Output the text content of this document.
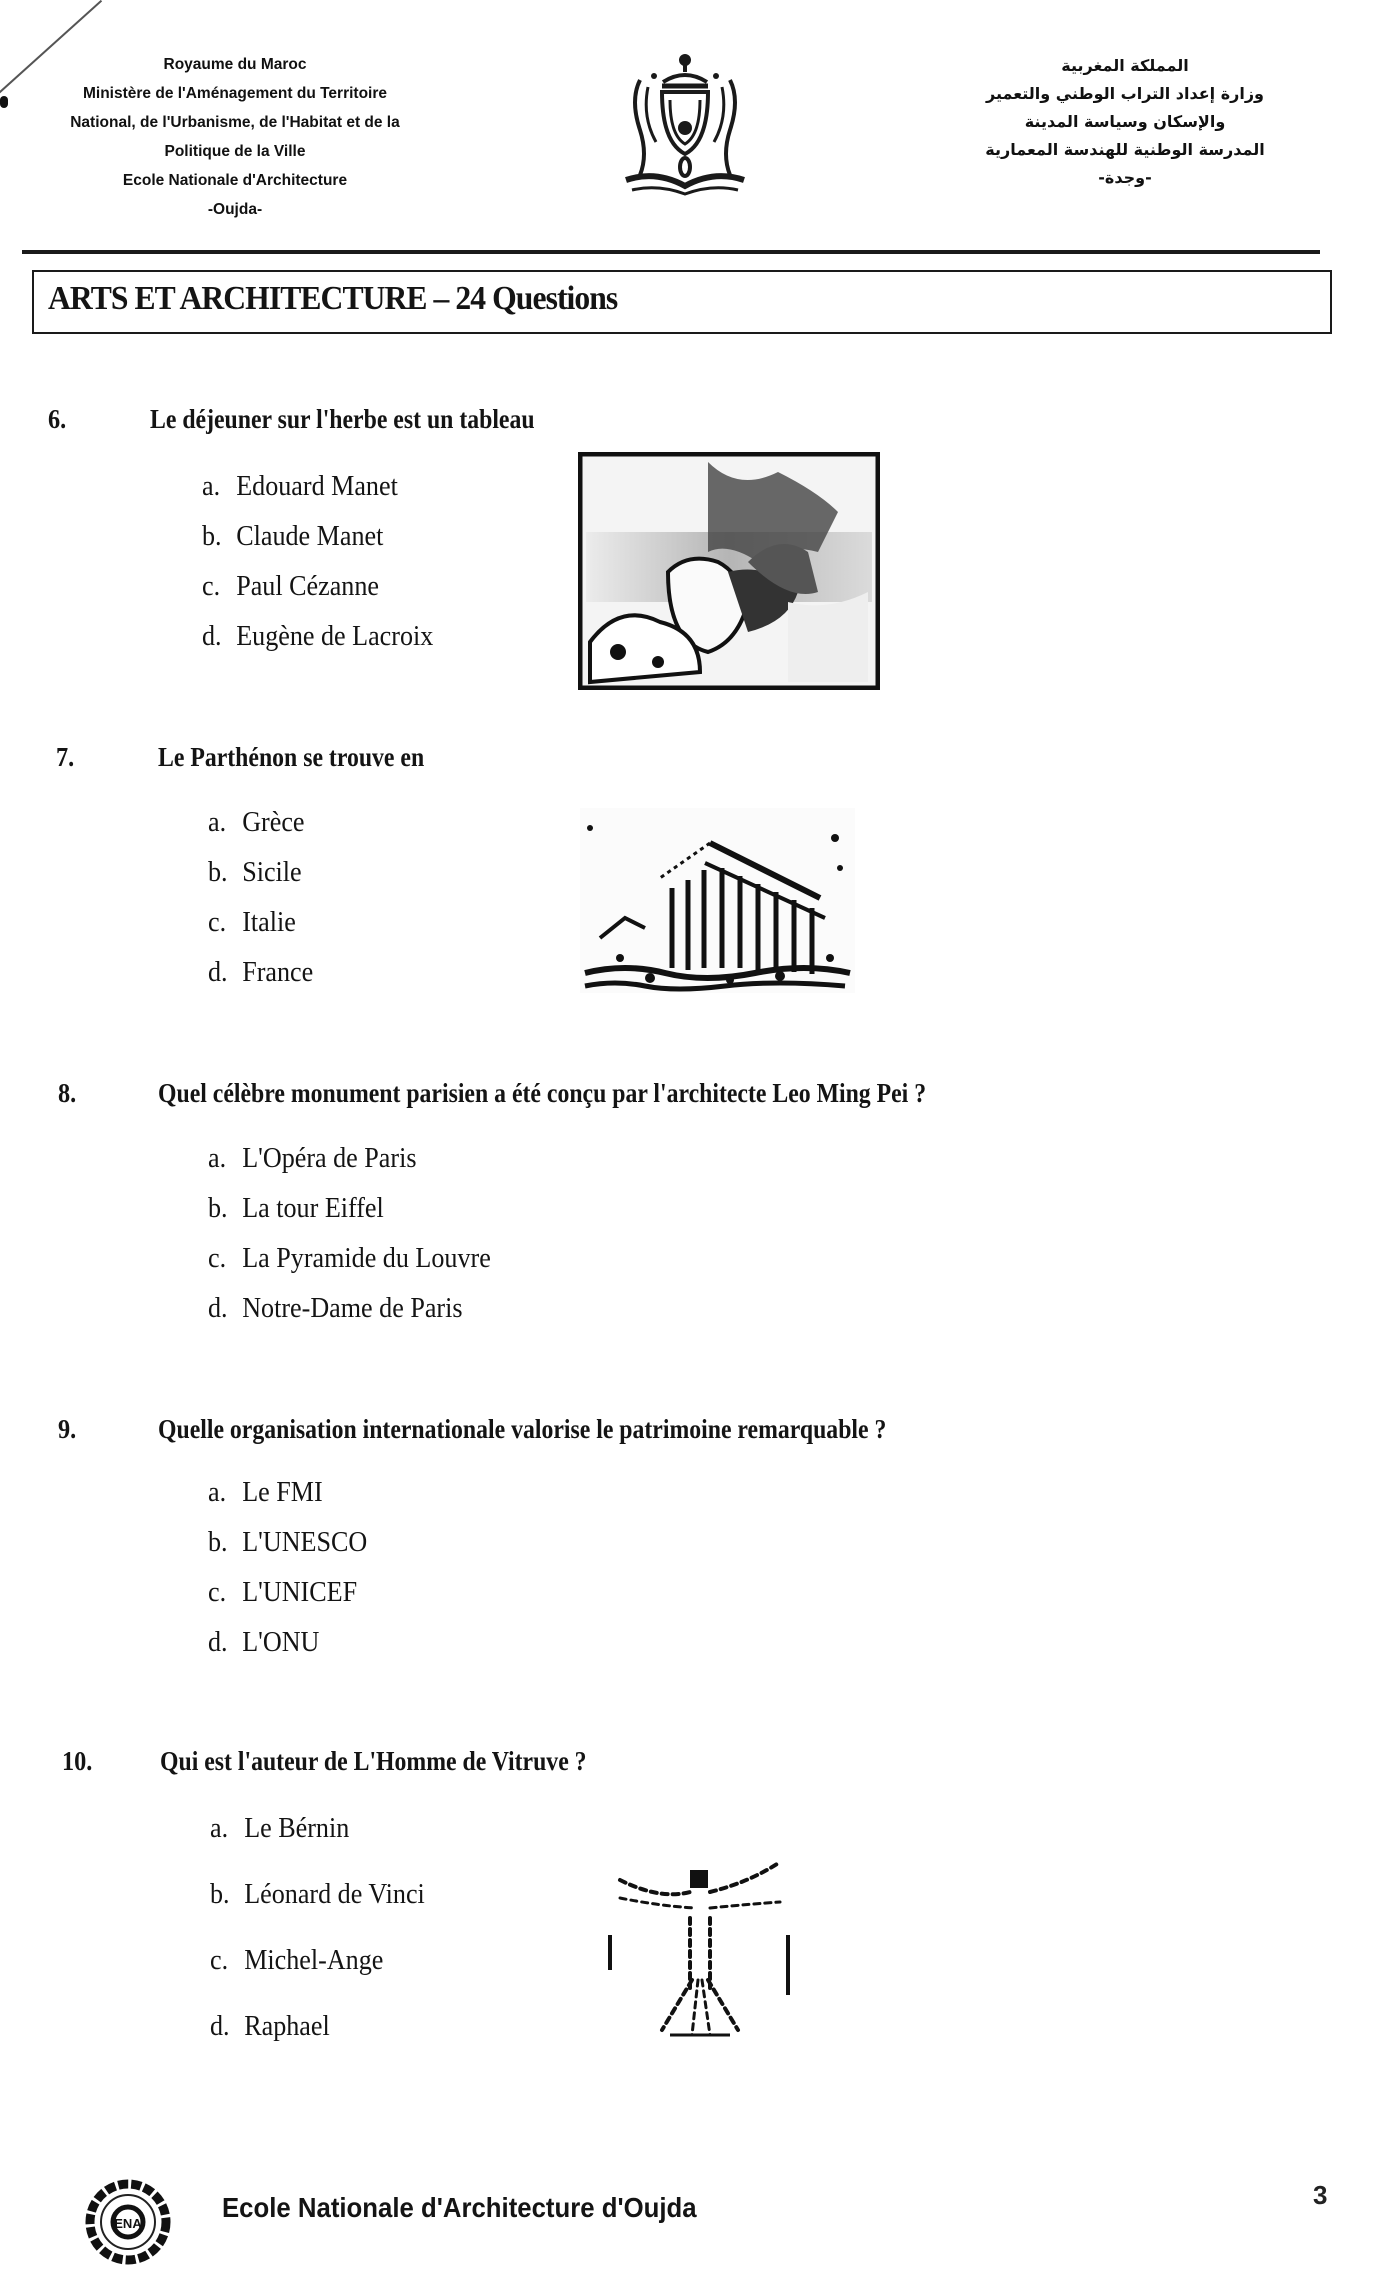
Royaume du Maroc
Ministère de l'Aménagement du Territoire
National, de l'Urbanisme, de l'Habitat et de la
Politique de la Ville
Ecole Nationale d'Architecture
-Oujda-
المملكة المغربية
وزارة إعداد التراب الوطني والتعمير
والإسكان وسياسة المدينة
المدرسة الوطنية للهندسة المعمارية
-وجدة-
ARTS ET ARCHITECTURE – 24 Questions
6.	Le déjeuner sur l'herbe est un tableau
a. Edouard Manet
b. Claude Manet
c. Paul Cézanne
d. Eugène de Lacroix
7.	Le Parthénon se trouve en
a. Grèce
b. Sicile
c. Italie
d. France
8.	Quel célèbre monument parisien a été conçu par l'architecte Leo Ming Pei ?
a. L'Opéra de Paris
b. La tour Eiffel
c. La Pyramide du Louvre
d. Notre-Dame de Paris
9.	Quelle organisation internationale valorise le patrimoine remarquable ?
a. Le FMI
b. L'UNESCO
c. L'UNICEF
d. L'ONU
10.	Qui est l'auteur de L'Homme de Vitruve ?
a. Le Bérnin
b. Léonard de Vinci
c. Michel-Ange
d. Raphael
ENA
Ecole Nationale d'Architecture d'Oujda	3
